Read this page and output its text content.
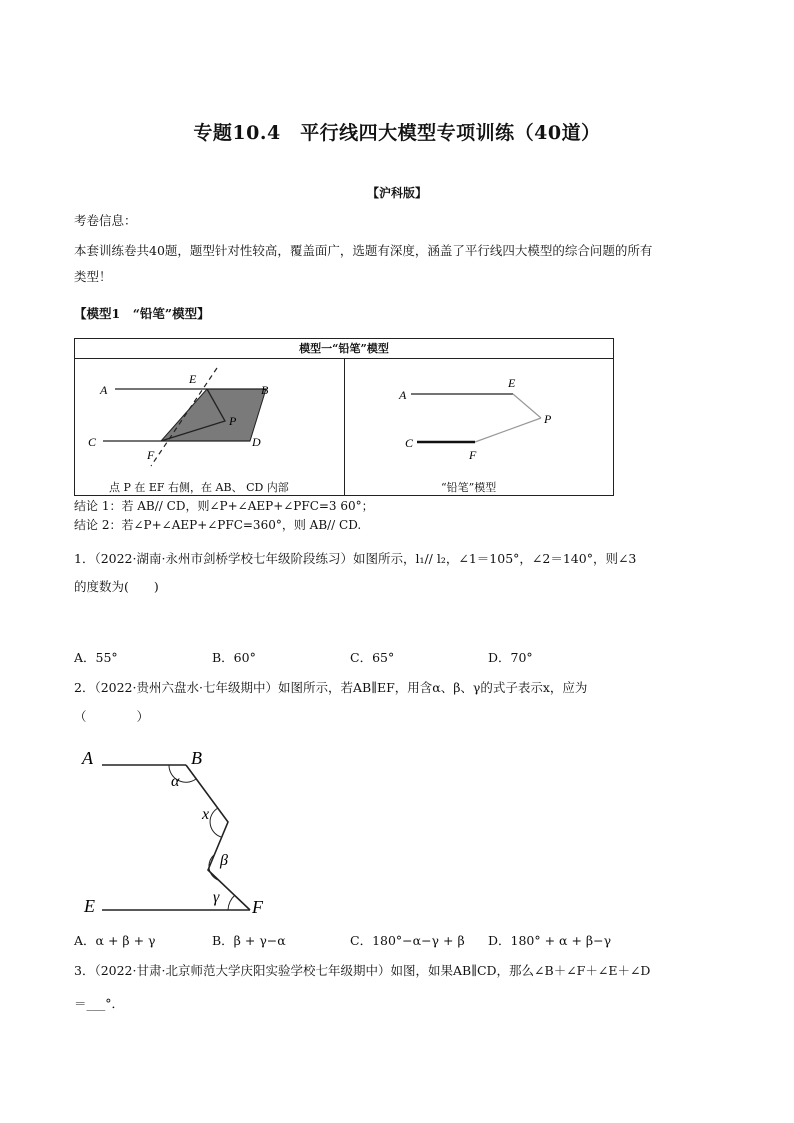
专题10.4　平行线四大模型专项训练（40道）
【沪科版】
考卷信息：
本套训练卷共40题，题型针对性较高，覆盖面广，选题有深度，涵盖了平行线四大模型的综合问题的所有
类型！
【模型1　“铅笔”模型】
模型一“铅笔”模型
A	B
C	D
E
F
P
点 P 在 EF 右侧，在 AB、 CD 内部
A
E
P
C
F
“铅笔”模型
结论 1：若 AB// CD，则∠P+∠AEP+∠PFC=3 60°；
结论 2：若∠P+∠AEP+∠PFC=360°，则 AB// CD.
1．（2022·湖南·永州市剑桥学校七年级阶段练习）如图所示，l₁// l₂，∠1＝105°，∠2＝140°，则∠3
的度数为(　　)
A．55°	B．60°	C．65°	D．70°
2．（2022·贵州六盘水·七年级期中）如图所示，若AB∥EF，用含α、β、γ的式子表示x，应为
（　　　　）
A	B
E	F
α
x
β
γ
A．α + β + γ	B．β + γ−α	C．180°−α−γ + β D．180° + α + β−γ
3．（2022·甘肃·北京师范大学庆阳实验学校七年级期中）如图，如果AB∥CD，那么∠B＋∠F＋∠E＋∠D
＝___°．
